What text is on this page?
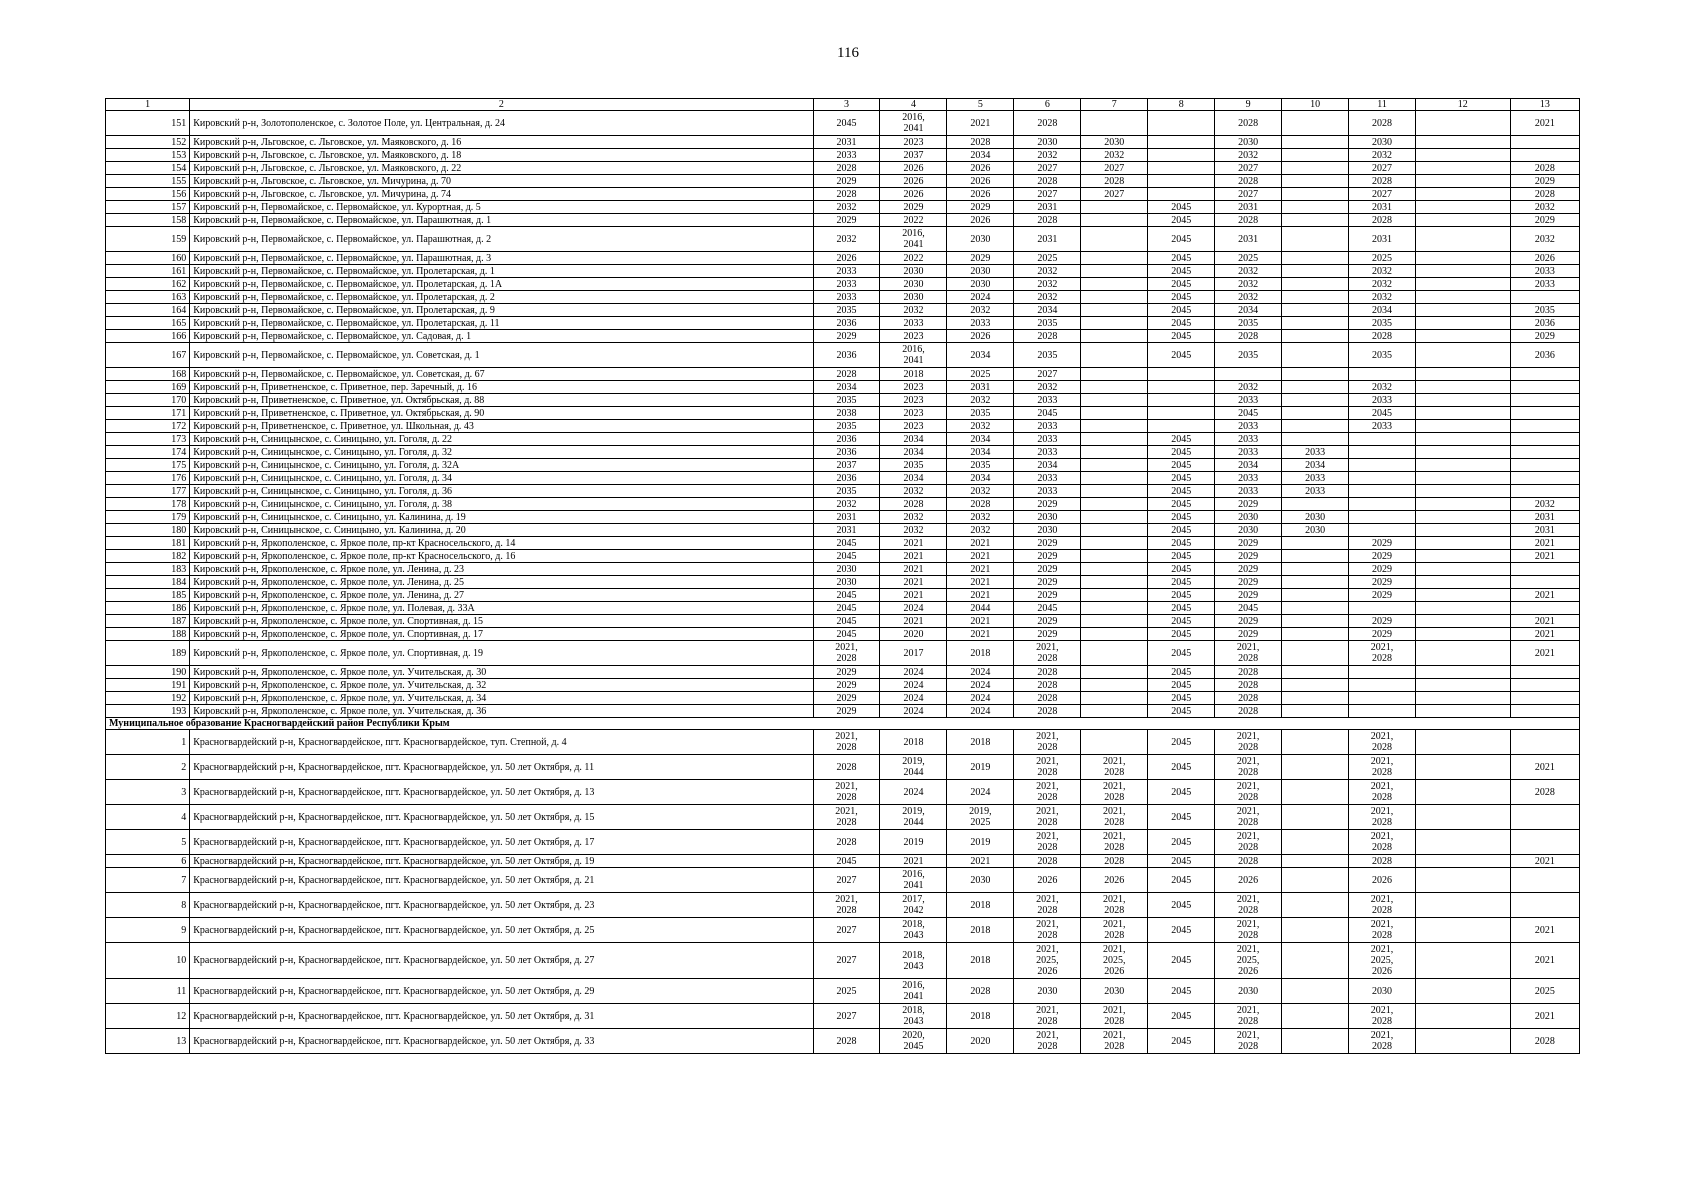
116
1	2	3	4	5	6	7	8	9	10	11	12	13
151	Кировский р-н, Золотополенское, с. Золотое Поле, ул. Центральная, д. 24	2045	2016,
2041	2021	2028			2028		2028		2021
152	Кировский р-н, Льговское, с. Льговское, ул. Маяковского, д. 16	2031	2023	2028	2030	2030		2030		2030		
153	Кировский р-н, Льговское, с. Льговское, ул. Маяковского, д. 18	2033	2037	2034	2032	2032		2032		2032		
154	Кировский р-н, Льговское, с. Льговское, ул. Маяковского, д. 22	2028	2026	2026	2027	2027		2027		2027		2028
155	Кировский р-н, Льговское, с. Льговское, ул. Мичурина, д. 70	2029	2026	2026	2028	2028		2028		2028		2029
156	Кировский р-н, Льговское, с. Льговское, ул. Мичурина, д. 74	2028	2026	2026	2027	2027		2027		2027		2028
157	Кировский р-н, Первомайское, с. Первомайское, ул. Курортная, д. 5	2032	2029	2029	2031		2045	2031		2031		2032
158	Кировский р-н, Первомайское, с. Первомайское, ул. Парашютная, д. 1	2029	2022	2026	2028		2045	2028		2028		2029
159	Кировский р-н, Первомайское, с. Первомайское, ул. Парашютная, д. 2	2032	2016,
2041	2030	2031		2045	2031		2031		2032
160	Кировский р-н, Первомайское, с. Первомайское, ул. Парашютная, д. 3	2026	2022	2029	2025		2045	2025		2025		2026
161	Кировский р-н, Первомайское, с. Первомайское, ул. Пролетарская, д. 1	2033	2030	2030	2032		2045	2032		2032		2033
162	Кировский р-н, Первомайское, с. Первомайское, ул. Пролетарская, д. 1А	2033	2030	2030	2032		2045	2032		2032		2033
163	Кировский р-н, Первомайское, с. Первомайское, ул. Пролетарская, д. 2	2033	2030	2024	2032		2045	2032		2032		
164	Кировский р-н, Первомайское, с. Первомайское, ул. Пролетарская, д. 9	2035	2032	2032	2034		2045	2034		2034		2035
165	Кировский р-н, Первомайское, с. Первомайское, ул. Пролетарская, д. 11	2036	2033	2033	2035		2045	2035		2035		2036
166	Кировский р-н, Первомайское, с. Первомайское, ул. Садовая, д. 1	2029	2023	2026	2028		2045	2028		2028		2029
167	Кировский р-н, Первомайское, с. Первомайское, ул. Советская, д. 1	2036	2016,
2041	2034	2035		2045	2035		2035		2036
168	Кировский р-н, Первомайское, с. Первомайское, ул. Советская, д. 67	2028	2018	2025	2027							
169	Кировский р-н, Приветненское, с. Приветное, пер. Заречный, д. 16	2034	2023	2031	2032			2032		2032		
170	Кировский р-н, Приветненское, с. Приветное, ул. Октябрьская, д. 88	2035	2023	2032	2033			2033		2033		
171	Кировский р-н, Приветненское, с. Приветное, ул. Октябрьская, д. 90	2038	2023	2035	2045			2045		2045		
172	Кировский р-н, Приветненское, с. Приветное, ул. Школьная, д. 43	2035	2023	2032	2033			2033		2033		
173	Кировский р-н, Синицынское, с. Синицыно, ул. Гоголя, д. 22	2036	2034	2034	2033		2045	2033				
174	Кировский р-н, Синицынское, с. Синицыно, ул. Гоголя, д. 32	2036	2034	2034	2033		2045	2033	2033			
175	Кировский р-н, Синицынское, с. Синицыно, ул. Гоголя, д. 32А	2037	2035	2035	2034		2045	2034	2034			
176	Кировский р-н, Синицынское, с. Синицыно, ул. Гоголя, д. 34	2036	2034	2034	2033		2045	2033	2033			
177	Кировский р-н, Синицынское, с. Синицыно, ул. Гоголя, д. 36	2035	2032	2032	2033		2045	2033	2033			
178	Кировский р-н, Синицынское, с. Синицыно, ул. Гоголя, д. 38	2032	2028	2028	2029		2045	2029				2032
179	Кировский р-н, Синицынское, с. Синицыно, ул. Калинина, д. 19	2031	2032	2032	2030		2045	2030	2030			2031
180	Кировский р-н, Синицынское, с. Синицыно, ул. Калинина, д. 20	2031	2032	2032	2030		2045	2030	2030			2031
181	Кировский р-н, Яркополенское, с. Яркое поле, пр-кт Красносельского, д. 14	2045	2021	2021	2029		2045	2029		2029		2021
182	Кировский р-н, Яркополенское, с. Яркое поле, пр-кт Красносельского, д. 16	2045	2021	2021	2029		2045	2029		2029		2021
183	Кировский р-н, Яркополенское, с. Яркое поле, ул. Ленина, д. 23	2030	2021	2021	2029		2045	2029		2029		
184	Кировский р-н, Яркополенское, с. Яркое поле, ул. Ленина, д. 25	2030	2021	2021	2029		2045	2029		2029		
185	Кировский р-н, Яркополенское, с. Яркое поле, ул. Ленина, д. 27	2045	2021	2021	2029		2045	2029		2029		2021
186	Кировский р-н, Яркополенское, с. Яркое поле, ул. Полевая, д. 33А	2045	2024	2044	2045		2045	2045				
187	Кировский р-н, Яркополенское, с. Яркое поле, ул. Спортивная, д. 15	2045	2021	2021	2029		2045	2029		2029		2021
188	Кировский р-н, Яркополенское, с. Яркое поле, ул. Спортивная, д. 17	2045	2020	2021	2029		2045	2029		2029		2021
189	Кировский р-н, Яркополенское, с. Яркое поле, ул. Спортивная, д. 19	2021,
2028	2017	2018	2021,
2028		2045	2021,
2028		2021,
2028		2021
190	Кировский р-н, Яркополенское, с. Яркое поле, ул. Учительская, д. 30	2029	2024	2024	2028		2045	2028				
191	Кировский р-н, Яркополенское, с. Яркое поле, ул. Учительская, д. 32	2029	2024	2024	2028		2045	2028				
192	Кировский р-н, Яркополенское, с. Яркое поле, ул. Учительская, д. 34	2029	2024	2024	2028		2045	2028				
193	Кировский р-н, Яркополенское, с. Яркое поле, ул. Учительская, д. 36	2029	2024	2024	2028		2045	2028				
Муниципальное образование Красногвардейский район Республики Крым												
1	Красногвардейский р-н, Красногвардейское, пгт. Красногвардейское, туп. Степной, д. 4	2021,
2028	2018	2018	2021,
2028		2045	2021,
2028		2021,
2028		
2	Красногвардейский р-н, Красногвардейское, пгт. Красногвардейское, ул. 50 лет Октября, д. 11	2028	2019,
2044	2019	2021,
2028	2021,
2028	2045	2021,
2028		2021,
2028		2021
3	Красногвардейский р-н, Красногвардейское, пгт. Красногвардейское, ул. 50 лет Октября, д. 13	2021,
2028	2024	2024	2021,
2028	2021,
2028	2045	2021,
2028		2021,
2028		2028
4	Красногвардейский р-н, Красногвардейское, пгт. Красногвардейское, ул. 50 лет Октября, д. 15	2021,
2028	2019,
2044	2019,
2025	2021,
2028	2021,
2028	2045	2021,
2028		2021,
2028		
5	Красногвардейский р-н, Красногвардейское, пгт. Красногвардейское, ул. 50 лет Октября, д. 17	2028	2019	2019	2021,
2028	2021,
2028	2045	2021,
2028		2021,
2028		
6	Красногвардейский р-н, Красногвардейское, пгт. Красногвардейское, ул. 50 лет Октября, д. 19	2045	2021	2021	2028	2028	2045	2028		2028		2021
7	Красногвардейский р-н, Красногвардейское, пгт. Красногвардейское, ул. 50 лет Октября, д. 21	2027	2016,
2041	2030	2026	2026	2045	2026		2026		
8	Красногвардейский р-н, Красногвардейское, пгт. Красногвардейское, ул. 50 лет Октября, д. 23	2021,
2028	2017,
2042	2018	2021,
2028	2021,
2028	2045	2021,
2028		2021,
2028		
9	Красногвардейский р-н, Красногвардейское, пгт. Красногвардейское, ул. 50 лет Октября, д. 25	2027	2018,
2043	2018	2021,
2028	2021,
2028	2045	2021,
2028		2021,
2028		2021
10	Красногвардейский р-н, Красногвардейское, пгт. Красногвардейское, ул. 50 лет Октября, д. 27	2027	2018,
2043	2018	2021,
2025,
2026	2021,
2025,
2026	2045	2021,
2025,
2026		2021,
2025,
2026		2021
11	Красногвардейский р-н, Красногвардейское, пгт. Красногвардейское, ул. 50 лет Октября, д. 29	2025	2016,
2041	2028	2030	2030	2045	2030		2030		2025
12	Красногвардейский р-н, Красногвардейское, пгт. Красногвардейское, ул. 50 лет Октября, д. 31	2027	2018,
2043	2018	2021,
2028	2021,
2028	2045	2021,
2028		2021,
2028		2021
13	Красногвардейский р-н, Красногвардейское, пгт. Красногвардейское, ул. 50 лет Октября, д. 33	2028	2020,
2045	2020	2021,
2028	2021,
2028	2045	2021,
2028		2021,
2028		2028
